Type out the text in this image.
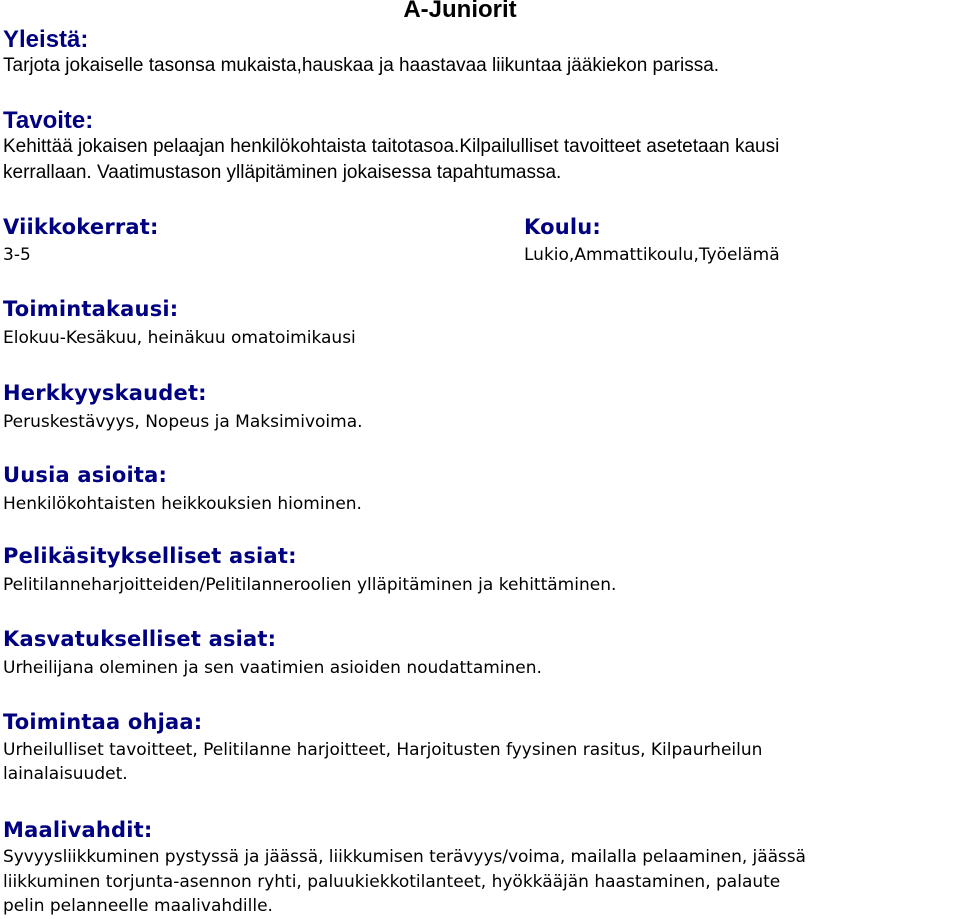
A-Juniorit
Yleistä:

Tarjota jokaiselle tasonsa mukaista,hauskaa ja haastavaa liikuntaa jääkiekon parissa.

Tavoite:

Kehittää jokaisen pelaajan henkilökohtaista taitotasoa.Kilpailulliset tavoitteet asetetaan kausi

kerrallaan. Vaatimustason ylläpitäminen jokaisessa tapahtumassa.

Viikkokerrat:

3-5

Koulu:

Lukio,Ammattikoulu,Työelämä

Toimintakausi:

Elokuu-Kesäkuu, heinäkuu omatoimikausi

Herkkyyskaudet:

Peruskestävyys, Nopeus ja Maksimivoima.

Uusia asioita:

Henkilökohtaisten heikkouksien hiominen.

Pelikäsitykselliset asiat:

Pelitilanneharjoitteiden/Pelitilanneroolien ylläpitäminen ja kehittäminen.

Kasvatukselliset asiat:

Urheilijana oleminen ja sen vaatimien asioiden noudattaminen.

Toimintaa ohjaa:

Urheilulliset tavoitteet, Pelitilanne harjoitteet, Harjoitusten fyysinen rasitus, Kilpaurheilun

lainalaisuudet.

Maalivahdit:

Syvyysliikkuminen pystyssä ja jäässä, liikkumisen terävyys/voima, mailalla pelaaminen, jäässä

liikkuminen torjunta-asennon ryhti, paluukiekkotilanteet, hyökkääjän haastaminen, palaute

pelin pelanneelle maalivahdille.
